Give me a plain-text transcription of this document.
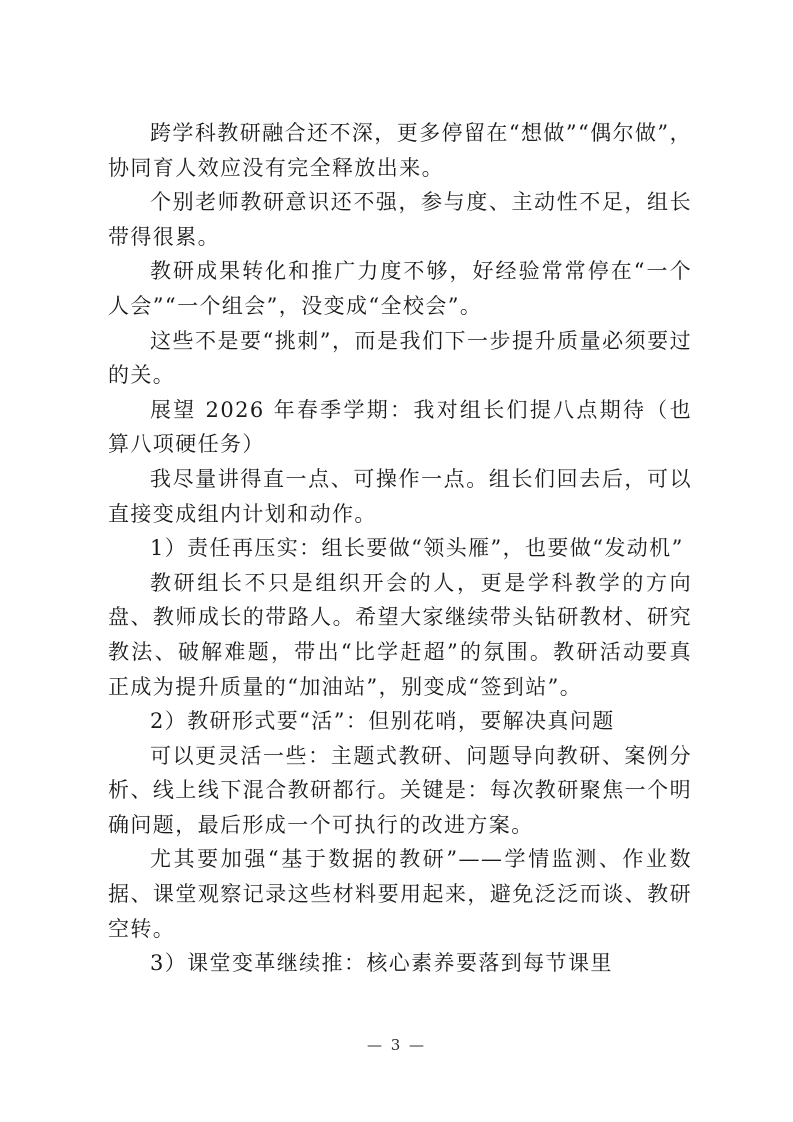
跨学科教研融合还不深，更多停留在“想做”“偶尔做”，协同育人效应没有完全释放出来。

个别老师教研意识还不强，参与度、主动性不足，组长带得很累。

教研成果转化和推广力度不够，好经验常常停在“一个人会”“一个组会”，没变成“全校会”。

这些不是要“挑刺”，而是我们下一步提升质量必须要过的关。

展望 2026 年春季学期：我对组长们提八点期待（也算八项硬任务）

我尽量讲得直一点、可操作一点。组长们回去后，可以直接变成组内计划和动作。

1）责任再压实：组长要做“领头雁”，也要做“发动机”

教研组长不只是组织开会的人，更是学科教学的方向盘、教师成长的带路人。希望大家继续带头钻研教材、研究教法、破解难题，带出“比学赶超”的氛围。教研活动要真正成为提升质量的“加油站”，别变成“签到站”。

2）教研形式要“活”：但别花哨，要解决真问题

可以更灵活一些：主题式教研、问题导向教研、案例分析、线上线下混合教研都行。关键是：每次教研聚焦一个明确问题，最后形成一个可执行的改进方案。

尤其要加强“基于数据的教研”——学情监测、作业数据、课堂观察记录这些材料要用起来，避免泛泛而谈、教研空转。

3）课堂变革继续推：核心素养要落到每节课里

— 3 —
